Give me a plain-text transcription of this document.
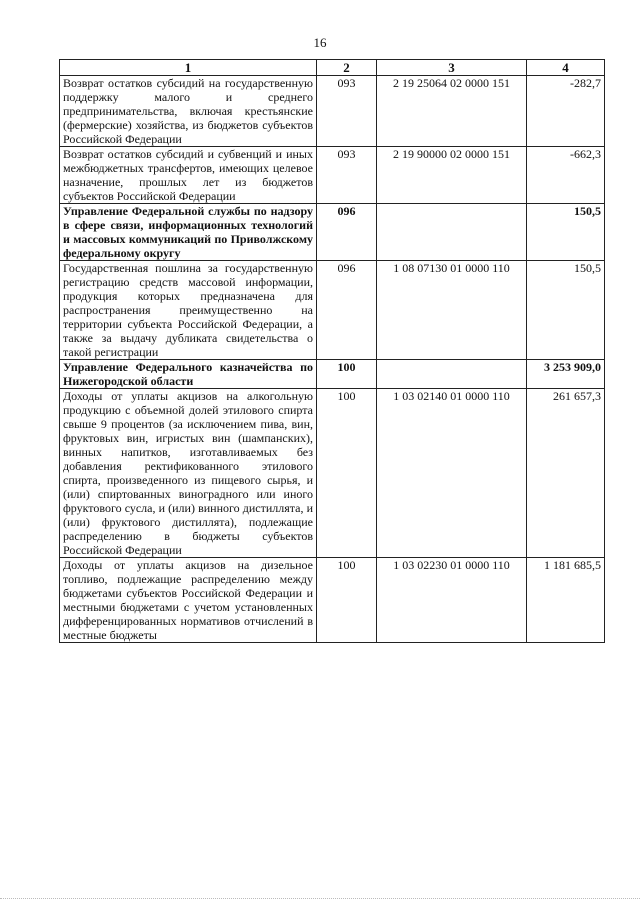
16
1	2	3	4
Возврат остатков субсидий на государственную поддержку малого и среднего предпринимательства, включая крестьянские (фермерские) хозяйства, из бюджетов субъектов Российской Федерации	093	2 19 25064 02 0000 151	-282,7
Возврат остатков субсидий и субвенций и иных межбюджетных трансфертов, имеющих целевое назначение, прошлых лет из бюджетов субъектов Российской Федерации	093	2 19 90000 02 0000 151	-662,3
Управление Федеральной службы по надзору в сфере связи, информационных технологий и массовых коммуникаций по Приволжскому федеральному округу	096		150,5
Государственная пошлина за государственную регистрацию средств массовой информации, продукция которых предназначена для распространения преимущественно на территории субъекта Российской Федерации, а также за выдачу дубликата свидетельства о такой регистрации	096	1 08 07130 01 0000 110	150,5
Управление Федерального казначейства по Нижегородской области	100		3 253 909,0
Доходы от уплаты акцизов на алкогольную продукцию с объемной долей этилового спирта свыше 9 процентов (за исключением пива, вин, фруктовых вин, игристых вин (шампанских), винных напитков, изготавливаемых без добавления ректификованного этилового спирта, произведенного из пищевого сырья, и (или) спиртованных виноградного или иного фруктового сусла, и (или) винного дистиллята, и (или) фруктового дистиллята), подлежащие распределению в бюджеты субъектов Российской Федерации	100	1 03 02140 01 0000 110	261 657,3
Доходы от уплаты акцизов на дизельное топливо, подлежащие распределению между бюджетами субъектов Российской Федерации и местными бюджетами с учетом установленных дифференцированных нормативов отчислений в местные бюджеты	100	1 03 02230 01 0000 110	1 181 685,5
